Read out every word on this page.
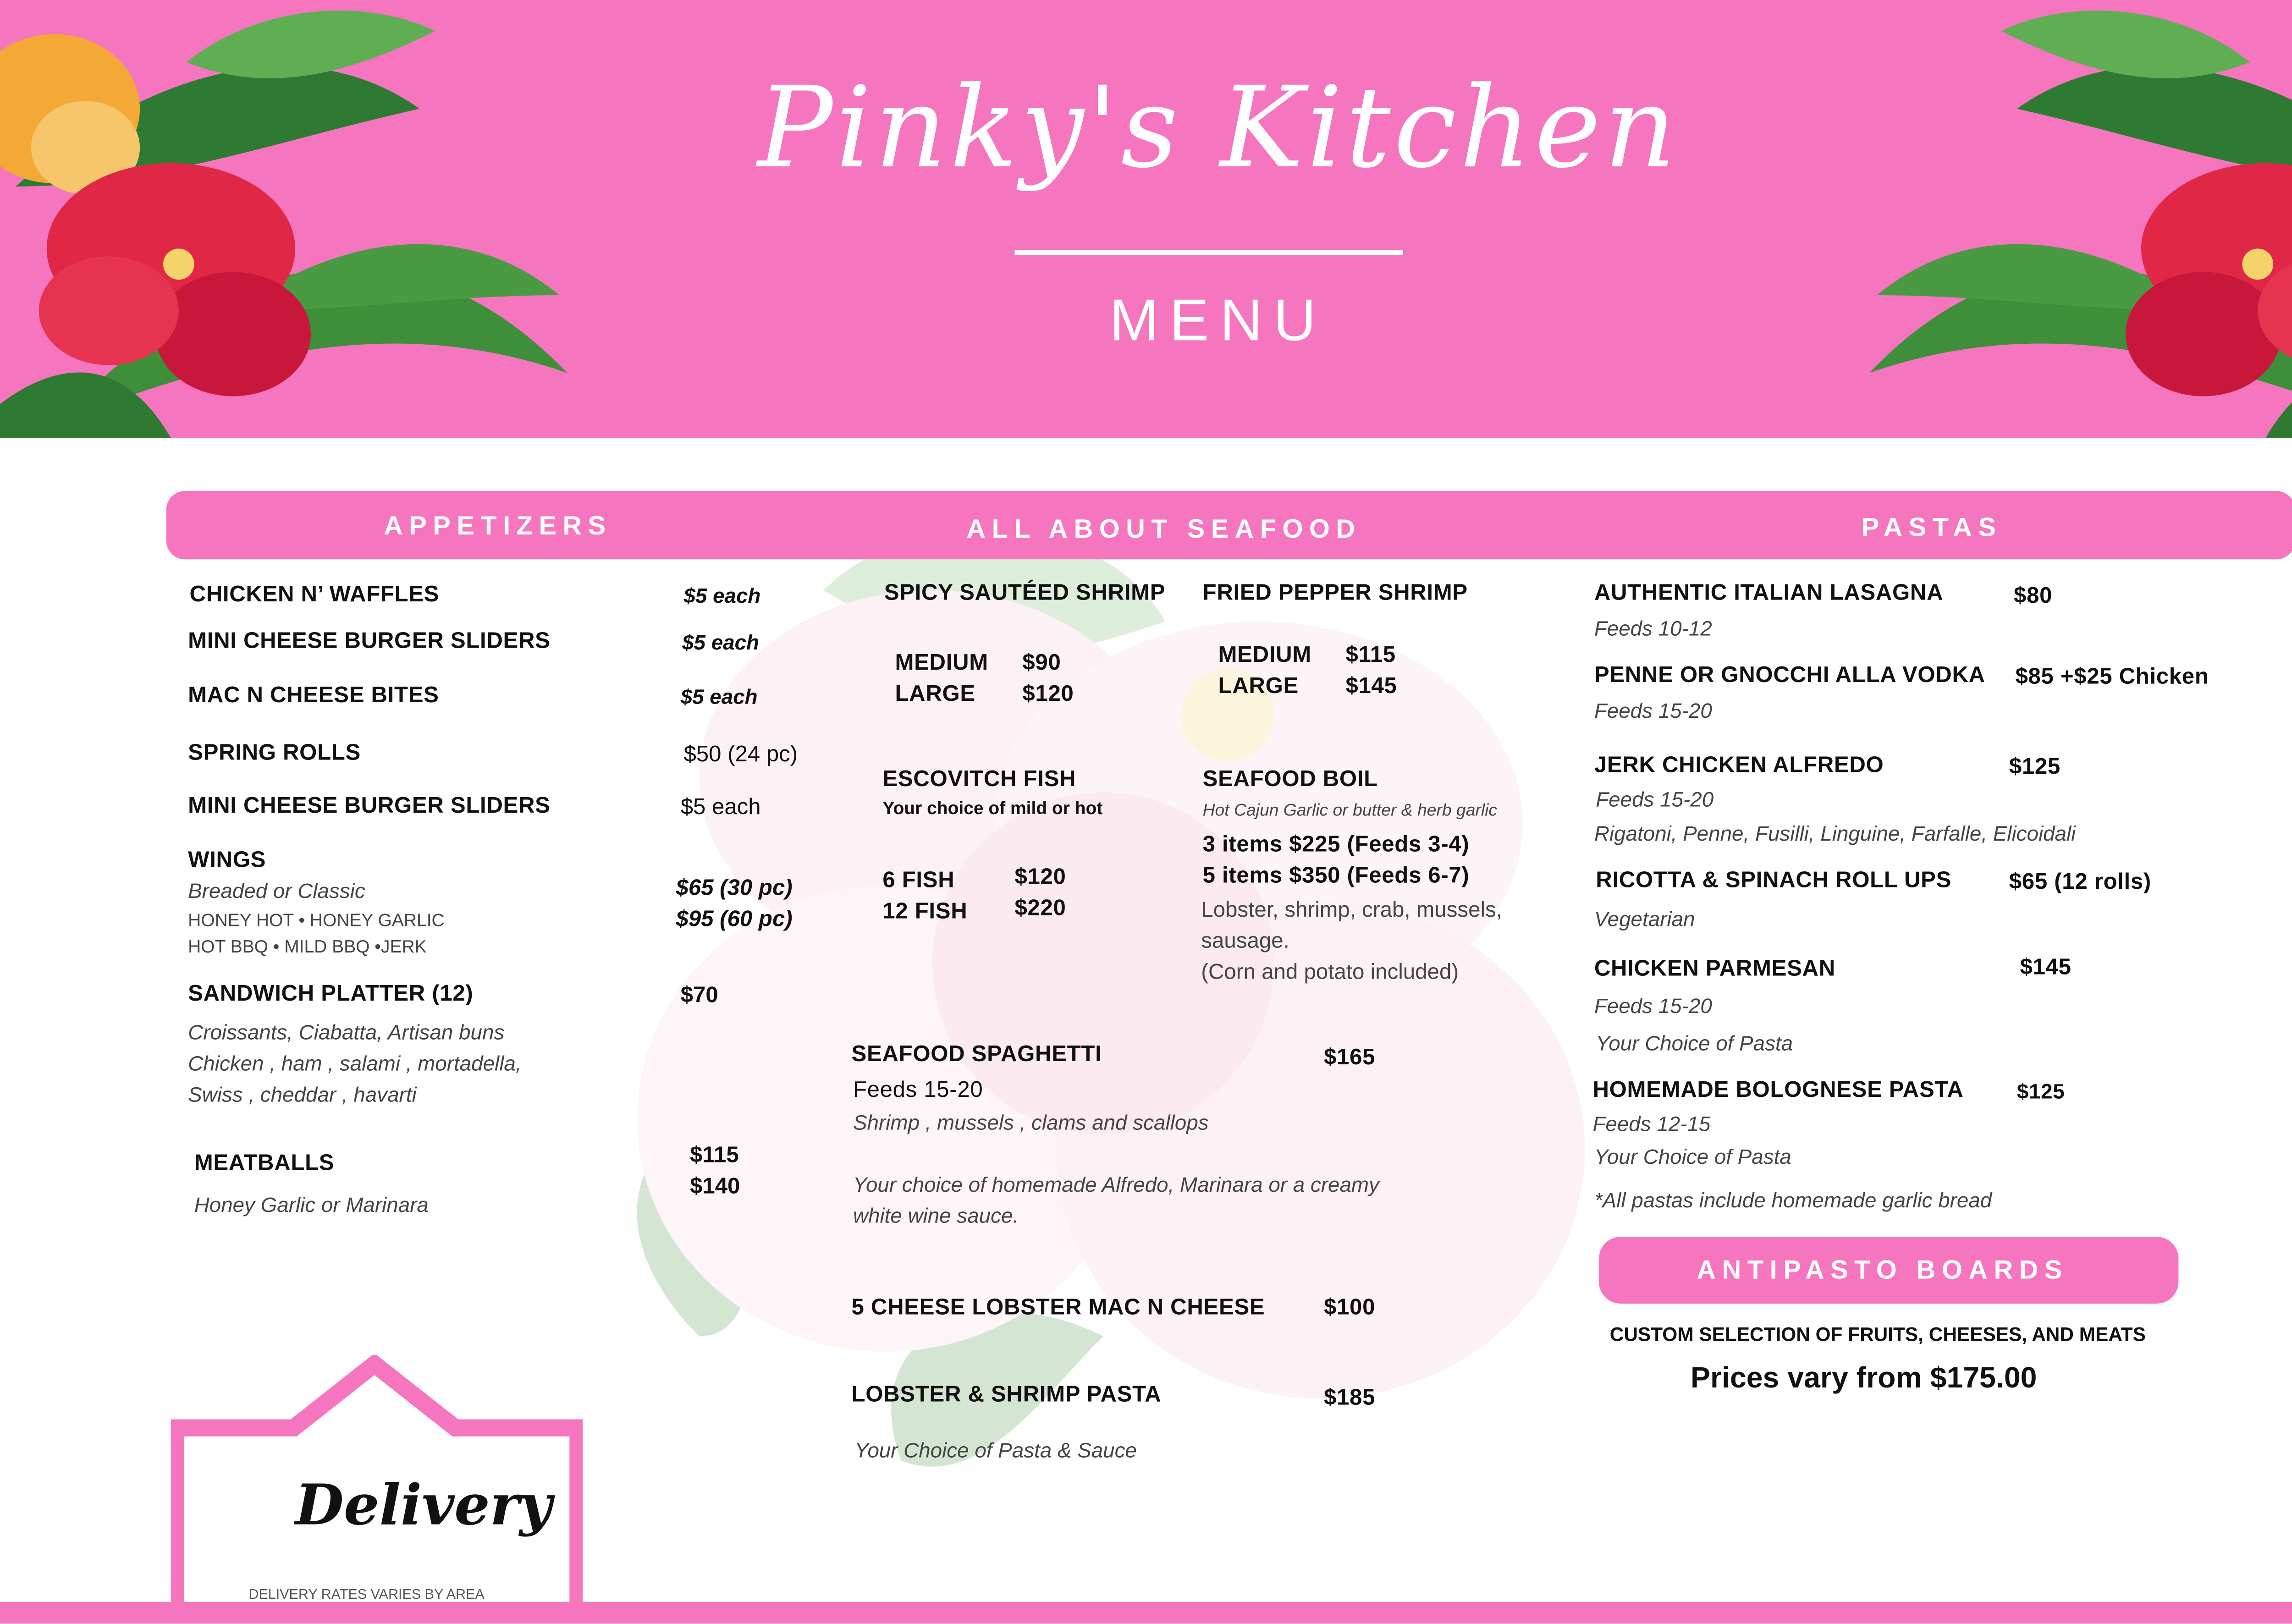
Pinky's Kitchen
MENU
APPETIZERS	ALL ABOUT SEAFOOD	PASTAS
CHICKEN N’ WAFFLES	$5 each
MINI CHEESE BURGER SLIDERS	$5 each
MAC N CHEESE BITES	$5 each
SPRING ROLLS	$50 (24 pc)
MINI CHEESE BURGER SLIDERS	$5 each
WINGS
Breaded or Classic
HONEY HOT • HONEY GARLIC
HOT BBQ • MILD BBQ •JERK
$65 (30 pc)
$95 (60 pc)
SANDWICH PLATTER (12)	$70
Croissants, Ciabatta, Artisan buns
Chicken , ham , salami , mortadella,
Swiss , cheddar , havarti
MEATBALLS	$115
$140
Honey Garlic or Marinara
SPICY SAUTÉED SHRIMP
MEDIUM	$90
LARGE	$120
FRIED PEPPER SHRIMP
MEDIUM	$115
LARGE	$145
ESCOVITCH FISH
Your choice of mild or hot
6 FISH	$120
12 FISH	$220
SEAFOOD BOIL
Hot Cajun Garlic or butter & herb garlic
3 items $225 (Feeds 3-4)
5 items $350 (Feeds 6-7)
Lobster, shrimp, crab, mussels,
sausage.
(Corn and potato included)
SEAFOOD SPAGHETTI	$165
Feeds 15-20
Shrimp , mussels , clams and scallops
Your choice of homemade Alfredo, Marinara or a creamy
white wine sauce.
5 CHEESE LOBSTER MAC N CHEESE	$100
LOBSTER & SHRIMP PASTA	$185
Your Choice of Pasta & Sauce
AUTHENTIC ITALIAN LASAGNA	$80
Feeds 10-12
PENNE OR GNOCCHI ALLA VODKA	$85 +$25 Chicken
Feeds 15-20
JERK CHICKEN ALFREDO	$125
Feeds 15-20
Rigatoni, Penne, Fusilli, Linguine, Farfalle, Elicoidali
RICOTTA & SPINACH ROLL UPS	$65 (12 rolls)
Vegetarian
CHICKEN PARMESAN	$145
Feeds 15-20
Your Choice of Pasta
HOMEMADE BOLOGNESE PASTA	$125
Feeds 12-15
Your Choice of Pasta
*All pastas include homemade garlic bread
ANTIPASTO BOARDS
CUSTOM SELECTION OF FRUITS, CHEESES, AND MEATS
Prices vary from $175.00
Delivery
DELIVERY RATES VARIES BY AREA
